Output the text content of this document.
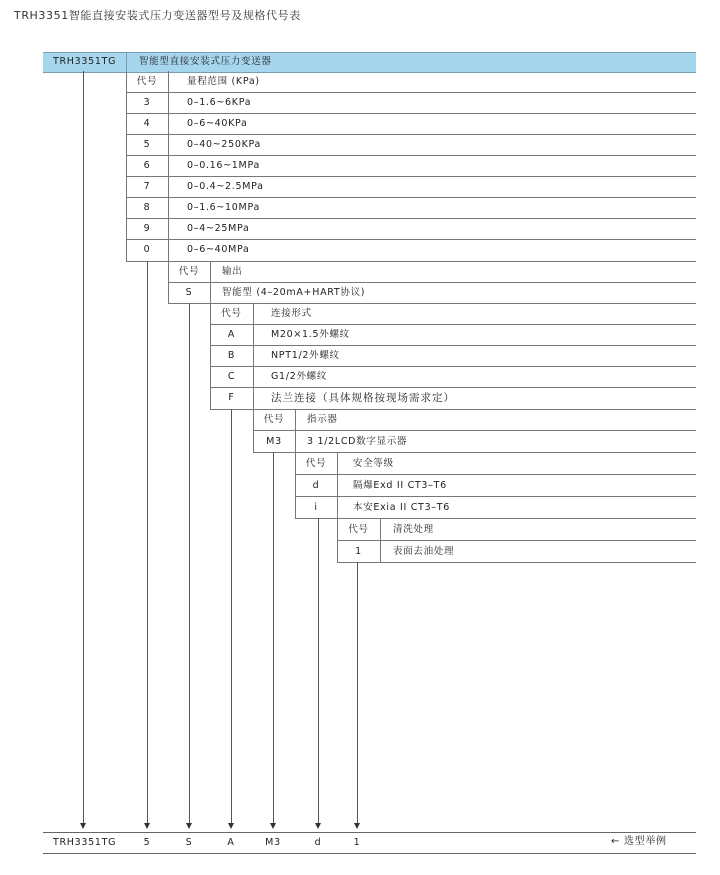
TRH3351智能直接安装式压力变送器型号及规格代号表
TRH3351TG 智能型直接安装式压力变送器
代号	量程范围 (KPa)
3	0–1.6~6KPa
4	0–6~40KPa
5	0–40~250KPa
6	0–0.16~1MPa
7	0–0.4~2.5MPa
8	0–1.6~10MPa
9	0–4~25MPa
0	0–6~40MPa
代号	输出
S	智能型 (4–20mA+HART协议)
代号	连接形式
A	M20×1.5外螺纹
B	NPT1/2外螺纹
C	G1/2外螺纹
F	法兰连接（具体规格按现场需求定）
代号	指示器
M3	3 1/2LCD数字显示器
代号	安全等级
d	隔爆Exd II CT3–T6
i	本安Exia II CT3–T6
代号	清洗处理
1	表面去油处理
TRH3351TG	5	S	A	M3	d	1	← 选型举例
